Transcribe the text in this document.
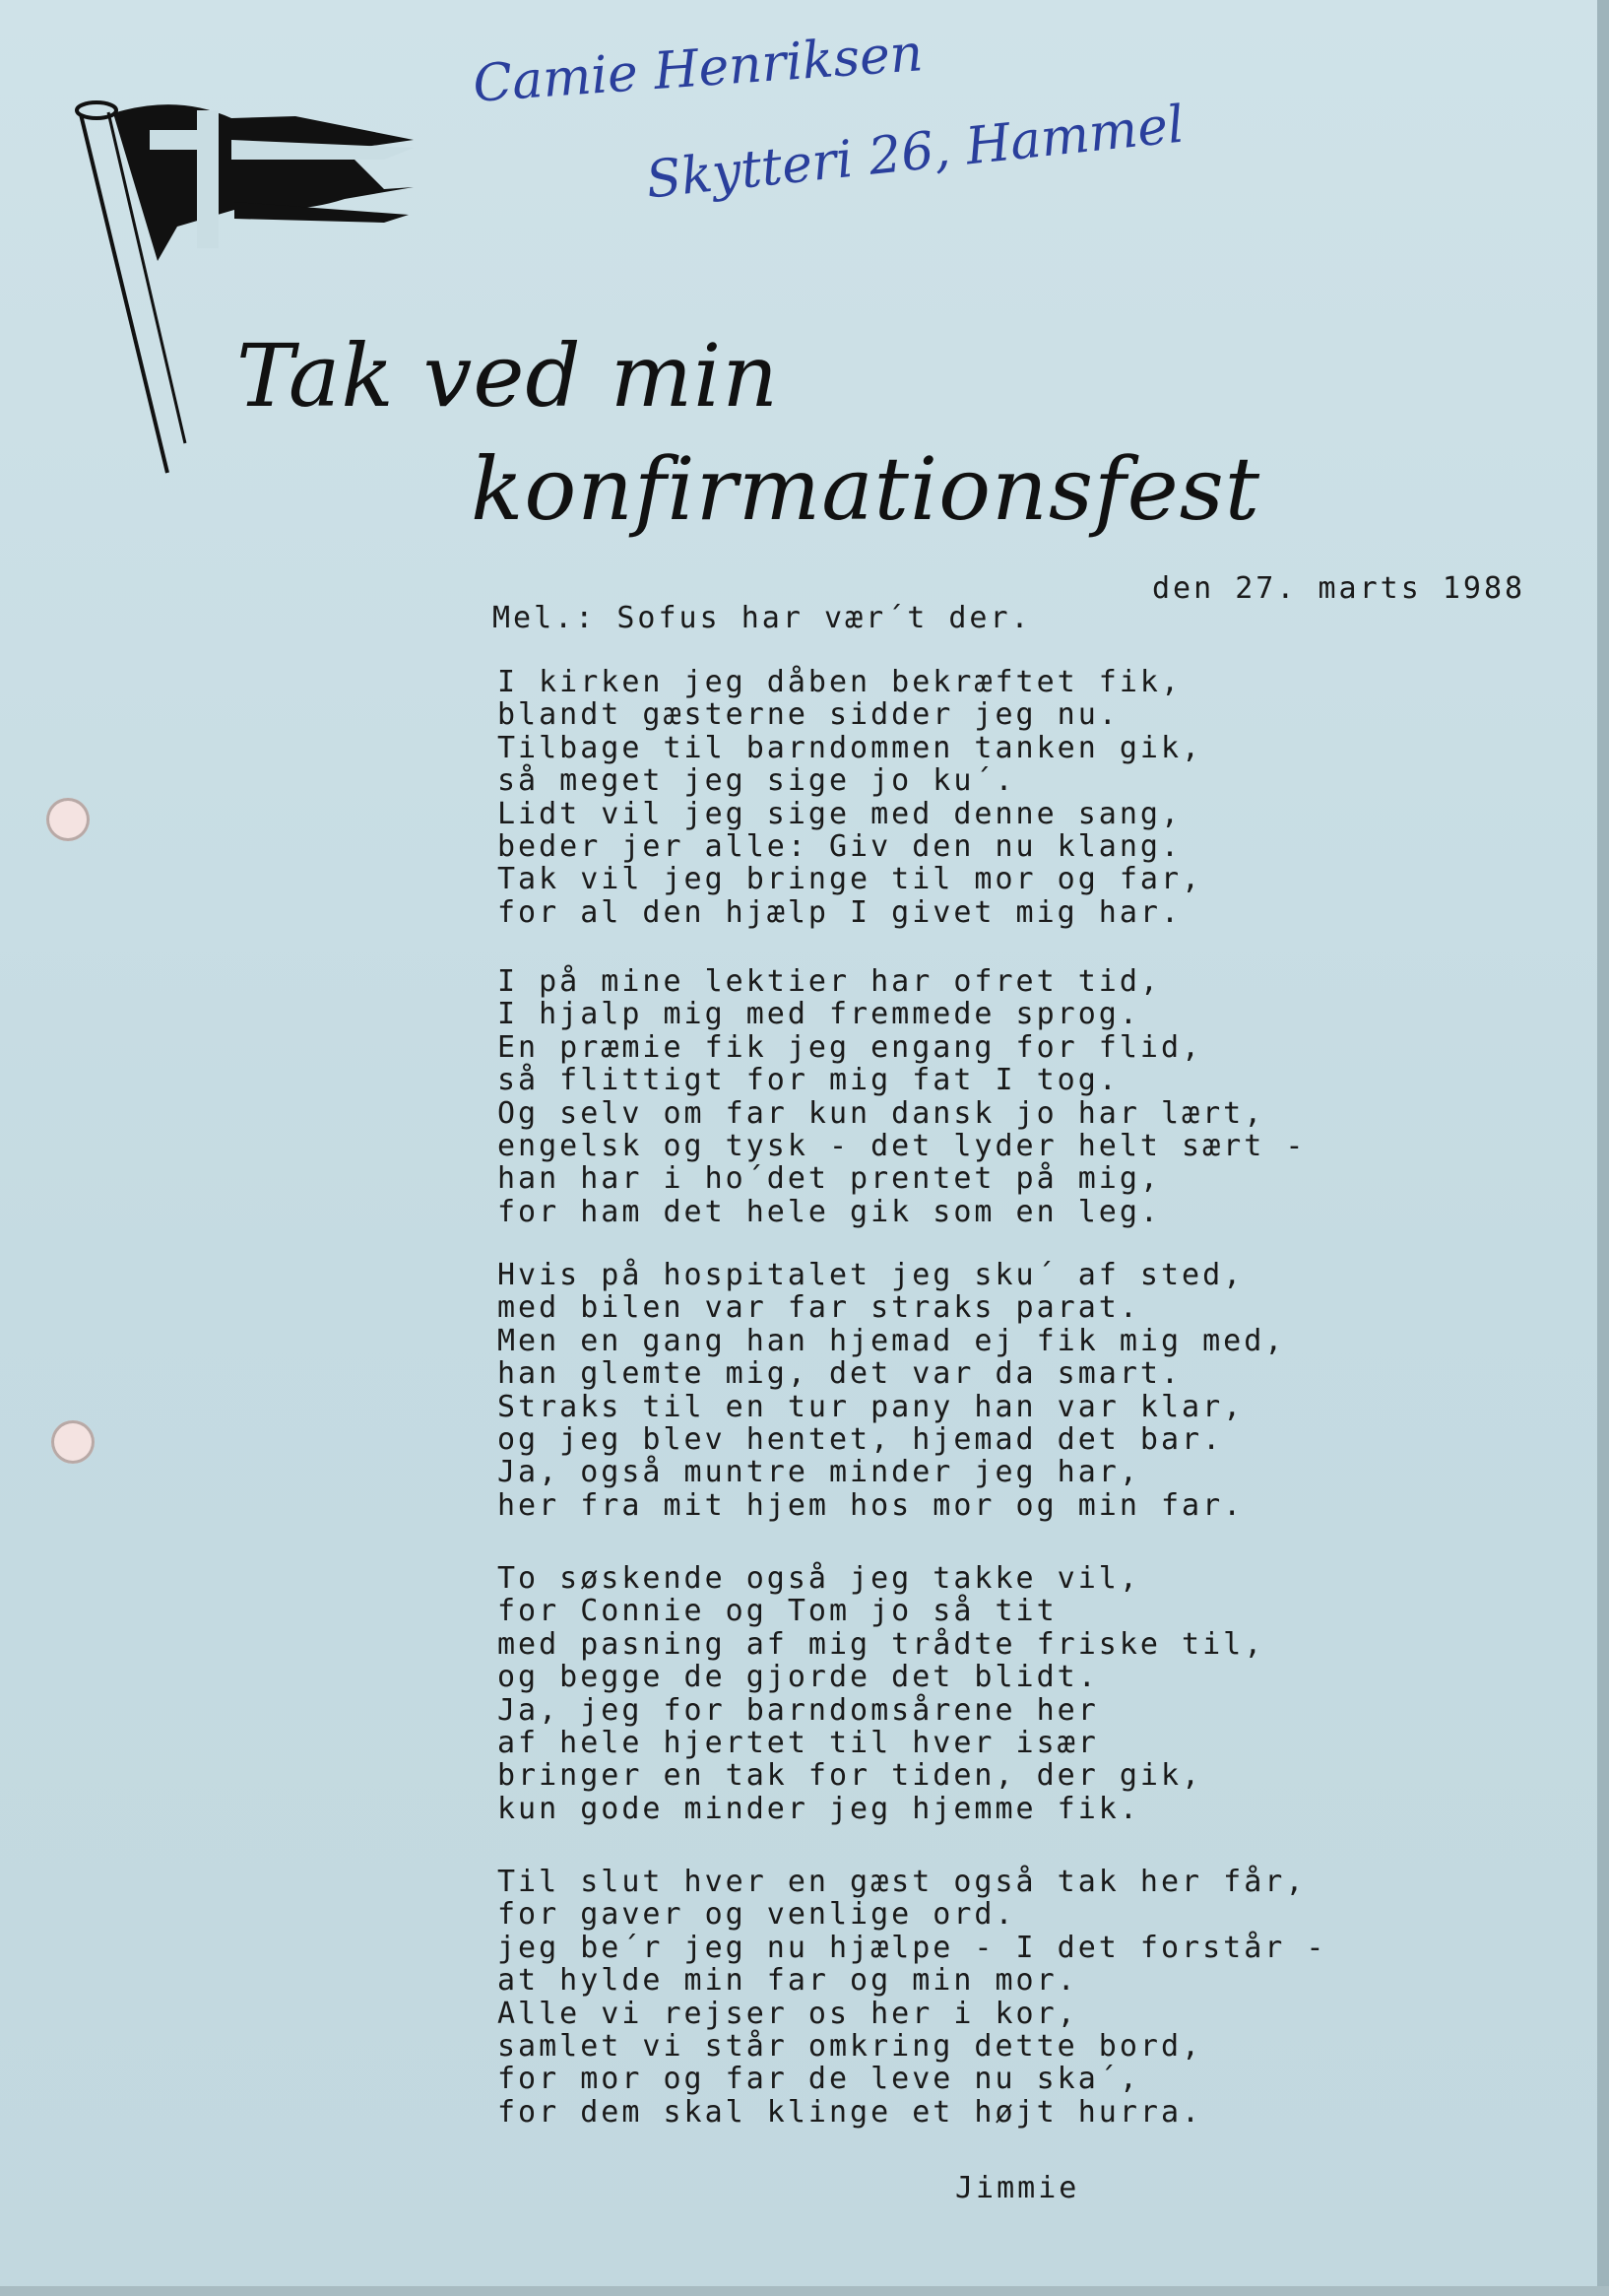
Camie Henriksen
Skytteri 26, Hammel
Tak ved min
konfirmationsfest
den 27. marts 1988
Mel.: Sofus har vær´t der.
I kirken jeg dåben bekræftet fik,
blandt gæsterne sidder jeg nu.
Tilbage til barndommen tanken gik,
så meget jeg sige jo ku´.
Lidt vil jeg sige med denne sang,
beder jer alle: Giv den nu klang.
Tak vil jeg bringe til mor og far,
for al den hjælp I givet mig har.
I på mine lektier har ofret tid,
I hjalp mig med fremmede sprog.
En præmie fik jeg engang for flid,
så flittigt for mig fat I tog.
Og selv om far kun dansk jo har lært,
engelsk og tysk - det lyder helt sært -
han har i ho´det prentet på mig,
for ham det hele gik som en leg.
Hvis på hospitalet jeg sku´ af sted,
med bilen var far straks parat.
Men en gang han hjemad ej fik mig med,
han glemte mig, det var da smart.
Straks til en tur pany han var klar,
og jeg blev hentet, hjemad det bar.
Ja, også muntre minder jeg har,
her fra mit hjem hos mor og min far.
To søskende også jeg takke vil,
for Connie og Tom jo så tit
med pasning af mig trådte friske til,
og begge de gjorde det blidt.
Ja, jeg for barndomsårene her
af hele hjertet til hver især
bringer en tak for tiden, der gik,
kun gode minder jeg hjemme fik.
Til slut hver en gæst også tak her får,
for gaver og venlige ord.
jeg be´r jeg nu hjælpe - I det forstår -
at hylde min far og min mor.
Alle vi rejser os her i kor,
samlet vi står omkring dette bord,
for mor og far de leve nu ska´,
for dem skal klinge et højt hurra.
Jimmie
